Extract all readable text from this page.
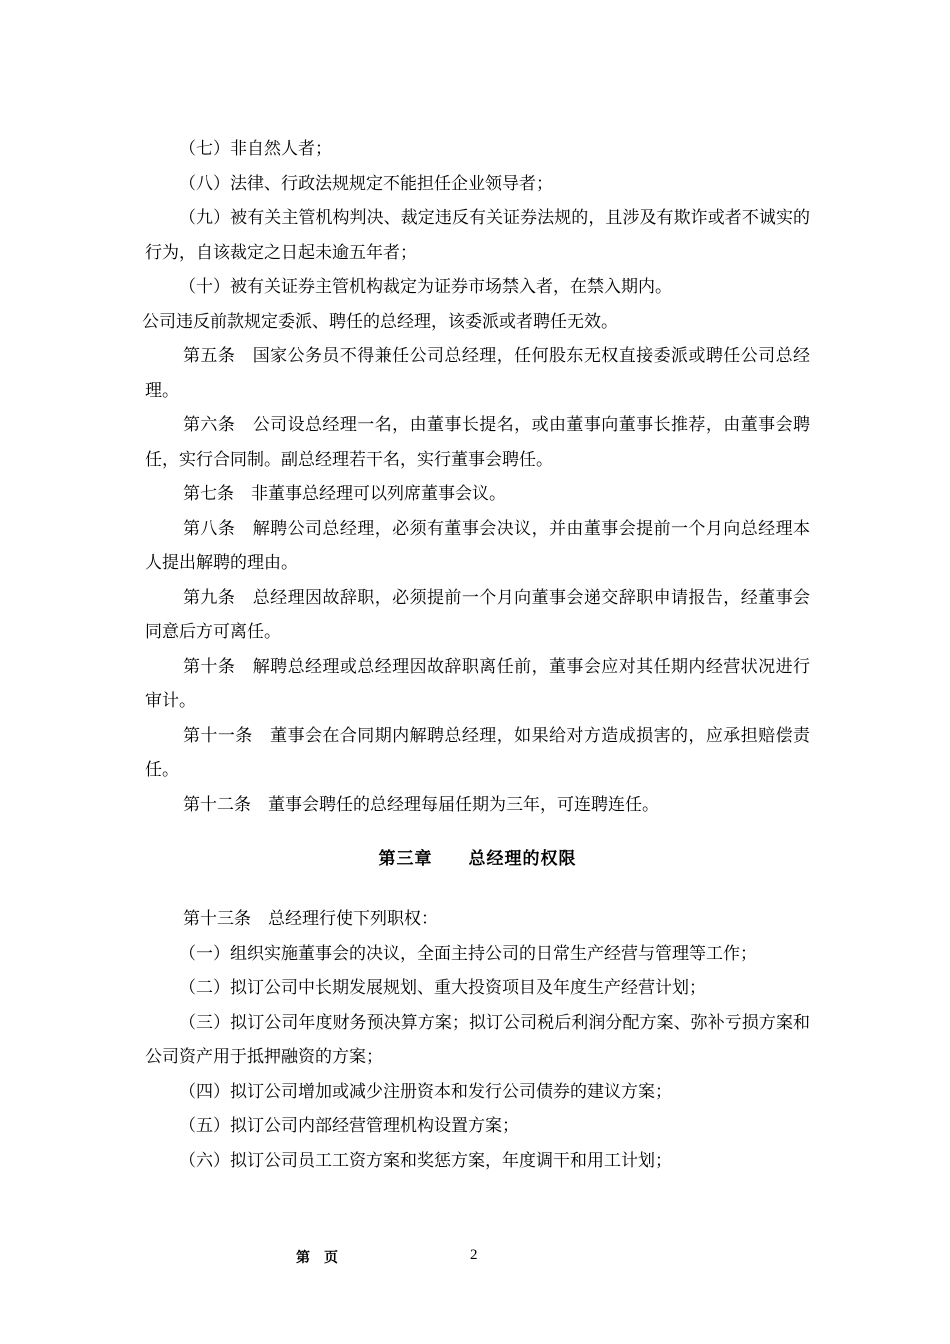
（七）非自然人者；

（八）法律、行政法规规定不能担任企业领导者；

（九）被有关主管机构判决、裁定违反有关证券法规的，且涉及有欺诈或者不诚实的行为，自该裁定之日起未逾五年者；

（十）被有关证券主管机构裁定为证券市场禁入者，在禁入期内。

公司违反前款规定委派、聘任的总经理，该委派或者聘任无效。

第五条　国家公务员不得兼任公司总经理，任何股东无权直接委派或聘任公司总经理。

第六条　公司设总经理一名，由董事长提名，或由董事向董事长推荐，由董事会聘任，实行合同制。副总经理若干名，实行董事会聘任。

第七条　非董事总经理可以列席董事会议。

第八条　解聘公司总经理，必须有董事会决议，并由董事会提前一个月向总经理本人提出解聘的理由。

第九条　总经理因故辞职，必须提前一个月向董事会递交辞职申请报告，经董事会同意后方可离任。

第十条　解聘总经理或总经理因故辞职离任前，董事会应对其任期内经营状况进行审计。

第十一条　董事会在合同期内解聘总经理，如果给对方造成损害的，应承担赔偿责任。

第十二条　董事会聘任的总经理每届任期为三年，可连聘连任。

第三章 总经理的权限

第十三条　总经理行使下列职权：

（一）组织实施董事会的决议，全面主持公司的日常生产经营与管理等工作；

（二）拟订公司中长期发展规划、重大投资项目及年度生产经营计划；

（三）拟订公司年度财务预决算方案；拟订公司税后利润分配方案、弥补亏损方案和公司资产用于抵押融资的方案；

（四）拟订公司增加或减少注册资本和发行公司债券的建议方案；

（五）拟订公司内部经营管理机构设置方案；

（六）拟订公司员工工资方案和奖惩方案，年度调干和用工计划；

第页	2
